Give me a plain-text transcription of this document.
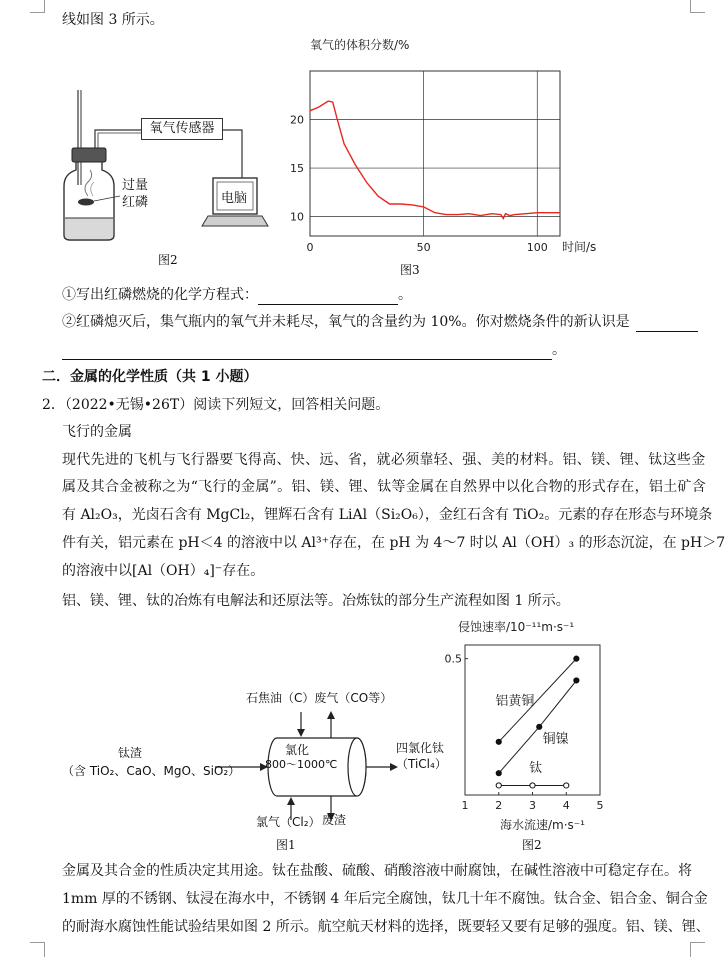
线如图 3 所示。
氧气传感器
电脑
过量
红磷
图2
10
15
20
0	50	100
氧气的体积分数/%
时间/s
图3
①写出红磷燃烧的化学方程式：	。
②红磷熄灭后，集气瓶内的氧气并未耗尽，氧气的含量约为 10%。你对燃烧条件的新认识是
。
二．金属的化学性质（共 1 小题）
2．（2022•无锡•26T）阅读下列短文，回答相关问题。
飞行的金属
现代先进的飞机与飞行器要飞得高、快、远、省，就必须靠轻、强、美的材料。铝、镁、锂、钛这些金
属及其合金被称之为“飞行的金属”。铝、镁、锂、钛等金属在自然界中以化合物的形式存在，铝土矿含
有 Al₂O₃，光卤石含有 MgCl₂，锂辉石含有 LiAl（Si₂O₆），金红石含有 TiO₂。元素的存在形态与环境条
件有关，铝元素在 pH＜4 的溶液中以 Al³⁺存在，在 pH 为 4～7 时以 Al（OH）₃ 的形态沉淀，在 pH＞7
的溶液中以[Al（OH）₄]⁻存在。
铝、镁、锂、钛的冶炼有电解法和还原法等。冶炼钛的部分生产流程如图 1 所示。
石焦油（C）废气（CO等）
钛渣
（含 TiO₂、CaO、MgO、SiO₂）
氯化
800～1000℃
四氯化钛
（TiCl₄）
氯气（Cl₂） 废渣
图1
侵蚀速率/10⁻¹¹m·s⁻¹
海水流速/m·s⁻¹
1 2 3 4 5
0.5
铝黄铜
铜镍
钛
图2
金属及其合金的性质决定其用途。钛在盐酸、硫酸、硝酸溶液中耐腐蚀，在碱性溶液中可稳定存在。将
1mm 厚的不锈钢、钛浸在海水中，不锈钢 4 年后完全腐蚀，钛几十年不腐蚀。钛合金、铝合金、铜合金
的耐海水腐蚀性能试验结果如图 2 所示。航空航天材料的选择，既要轻又要有足够的强度。铝、镁、锂、
